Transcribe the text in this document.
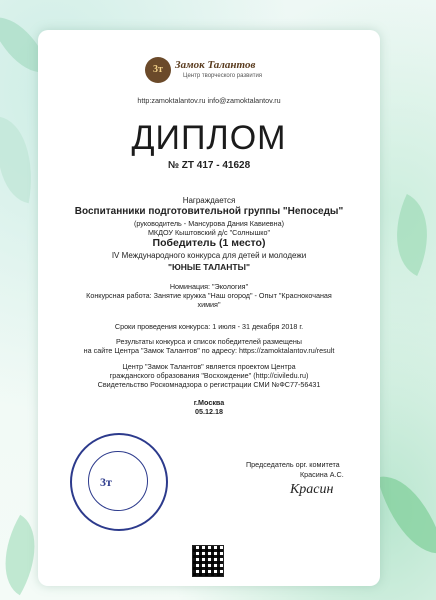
3т	Замок Талантов
Центр творческого развития
http:zamoktalantov.ru info@zamoktalantov.ru
ДИПЛОМ
№ ZT 417 - 41628
Награждается
Воспитанники подготовительной группы "Непоседы"
(руководитель - Мансурова Дания Кавиевна)
МКДОУ Кыштовский д/с "Солнышко"
Победитель (1 место)
IV Международного конкурса для детей и молодежи
"ЮНЫЕ ТАЛАНТЫ"
Номинация: "Экология"
Конкурсная работа: Занятие кружка "Наш огород" - Опыт "Краснокочаная
химия"
Сроки проведения конкурса: 1 июля - 31 декабря 2018 г.
Результаты конкурса и список победителей размещены
на сайте Центра "Замок Талантов" по адресу: https://zamoktalantov.ru/result
Центр "Замок Талантов" является проектом Центра
гражданского образования "Восхождение" (http://civiledu.ru)
Свидетельство Роскомнадзора о регистрации СМИ №ФС77-56431
г.Москва
05.12.18
3т
Председатель орг. комитета
Красина А.С.
Красин
